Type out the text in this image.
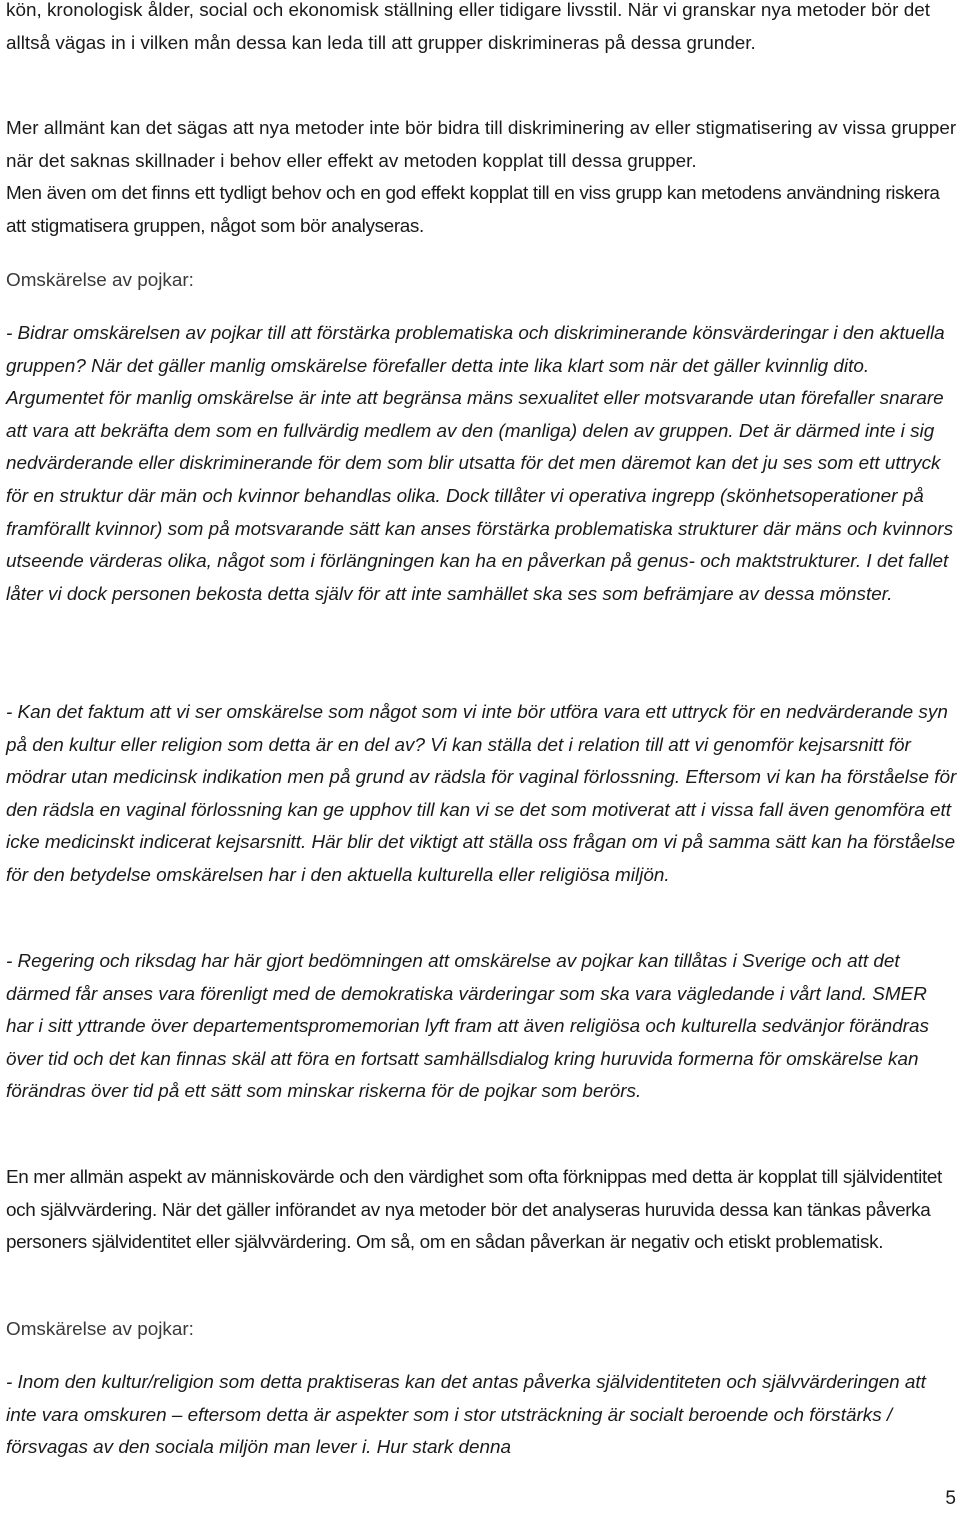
kön, kronologisk ålder, social och ekonomisk ställning eller tidigare livsstil. När vi granskar nya metoder bör det alltså vägas in i vilken mån dessa kan leda till att grupper diskrimineras på dessa grunder.

Mer allmänt kan det sägas att nya metoder inte bör bidra till diskriminering av eller stigmatisering av vissa grupper när det saknas skillnader i behov eller effekt av metoden kopplat till dessa grupper.

Men även om det finns ett tydligt behov och en god effekt kopplat till en viss grupp kan metodens användning riskera att stigmatisera gruppen, något som bör analyseras.

Omskärelse av pojkar:

- Bidrar omskärelsen av pojkar till att förstärka problematiska och diskriminerande könsvärderingar i den aktuella gruppen? När det gäller manlig omskärelse förefaller detta inte lika klart som när det gäller kvinnlig dito. Argumentet för manlig omskärelse är inte att begränsa mäns sexualitet eller motsvarande utan förefaller snarare att vara att bekräfta dem som en fullvärdig medlem av den (manliga) delen av gruppen. Det är därmed inte i sig nedvärderande eller diskriminerande för dem som blir utsatta för det men däremot kan det ju ses som ett uttryck för en struktur där män och kvinnor behandlas olika. Dock tillåter vi operativa ingrepp (skönhetsoperationer på framförallt kvinnor) som på motsvarande sätt kan anses förstärka problematiska strukturer där mäns och kvinnors utseende värderas olika, något som i förlängningen kan ha en påverkan på genus- och maktstrukturer. I det fallet låter vi dock personen bekosta detta själv för att inte samhället ska ses som befrämjare av dessa mönster.

- Kan det faktum att vi ser omskärelse som något som vi inte bör utföra vara ett uttryck för en nedvärderande syn på den kultur eller religion som detta är en del av? Vi kan ställa det i relation till att vi genomför kejsarsnitt för mödrar utan medicinsk indikation men på grund av rädsla för vaginal förlossning. Eftersom vi kan ha förståelse för den rädsla en vaginal förlossning kan ge upphov till kan vi se det som motiverat att i vissa fall även genomföra ett icke medicinskt indicerat kejsarsnitt. Här blir det viktigt att ställa oss frågan om vi på samma sätt kan ha förståelse för den betydelse omskärelsen har i den aktuella kulturella eller religiösa miljön.

- Regering och riksdag har här gjort bedömningen att omskärelse av pojkar kan tillåtas i Sverige och att det därmed får anses vara förenligt med de demokratiska värderingar som ska vara vägledande i vårt land. SMER har i sitt yttrande över departementspromemorian lyft fram att även religiösa och kulturella sedvänjor förändras över tid och det kan finnas skäl att föra en fortsatt samhällsdialog kring huruvida formerna för omskärelse kan förändras över tid på ett sätt som minskar riskerna för de pojkar som berörs.

En mer allmän aspekt av människovärde och den värdighet som ofta förknippas med detta är kopplat till självidentitet och självvärdering. När det gäller införandet av nya metoder bör det analyseras huruvida dessa kan tänkas påverka personers självidentitet eller självvärdering. Om så, om en sådan påverkan är negativ och etiskt problematisk.

Omskärelse av pojkar:

- Inom den kultur/religion som detta praktiseras kan det antas påverka självidentiteten och självvärderingen att inte vara omskuren – eftersom detta är aspekter som i stor utsträckning är socialt beroende och förstärks / försvagas av den sociala miljön man lever i. Hur stark denna

5
